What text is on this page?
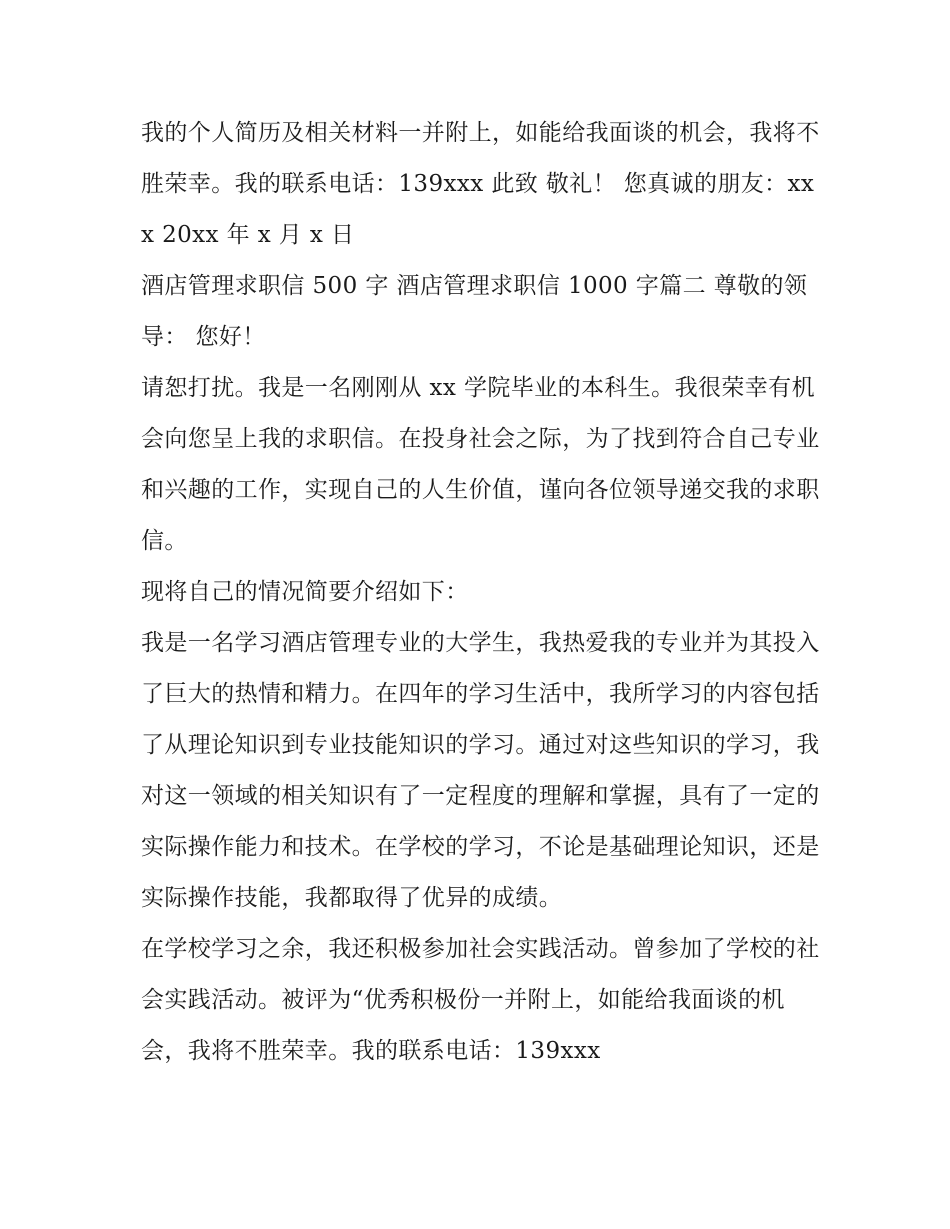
我的个人简历及相关材料一并附上，如能给我面谈的机会，我将不胜荣幸。我的联系电话：139xxx 此致 敬礼！ 您真诚的朋友：xxx 20xx 年 x 月 x 日

酒店管理求职信 500 字 酒店管理求职信 1000 字篇二 尊敬的领导： 您好！

请恕打扰。我是一名刚刚从 xx 学院毕业的本科生。我很荣幸有机会向您呈上我的求职信。在投身社会之际，为了找到符合自己专业和兴趣的工作，实现自己的人生价值，谨向各位领导递交我的求职信。

现将自己的情况简要介绍如下：

我是一名学习酒店管理专业的大学生，我热爱我的专业并为其投入了巨大的热情和精力。在四年的学习生活中，我所学习的内容包括了从理论知识到专业技能知识的学习。通过对这些知识的学习，我对这一领域的相关知识有了一定程度的理解和掌握，具有了一定的实际操作能力和技术。在学校的学习，不论是基础理论知识，还是实际操作技能，我都取得了优异的成绩。

在学校学习之余，我还积极参加社会实践活动。曾参加了学校的社会实践活动。被评为“优秀积极份一并附上，如能给我面谈的机会，我将不胜荣幸。我的联系电话：139xxx
